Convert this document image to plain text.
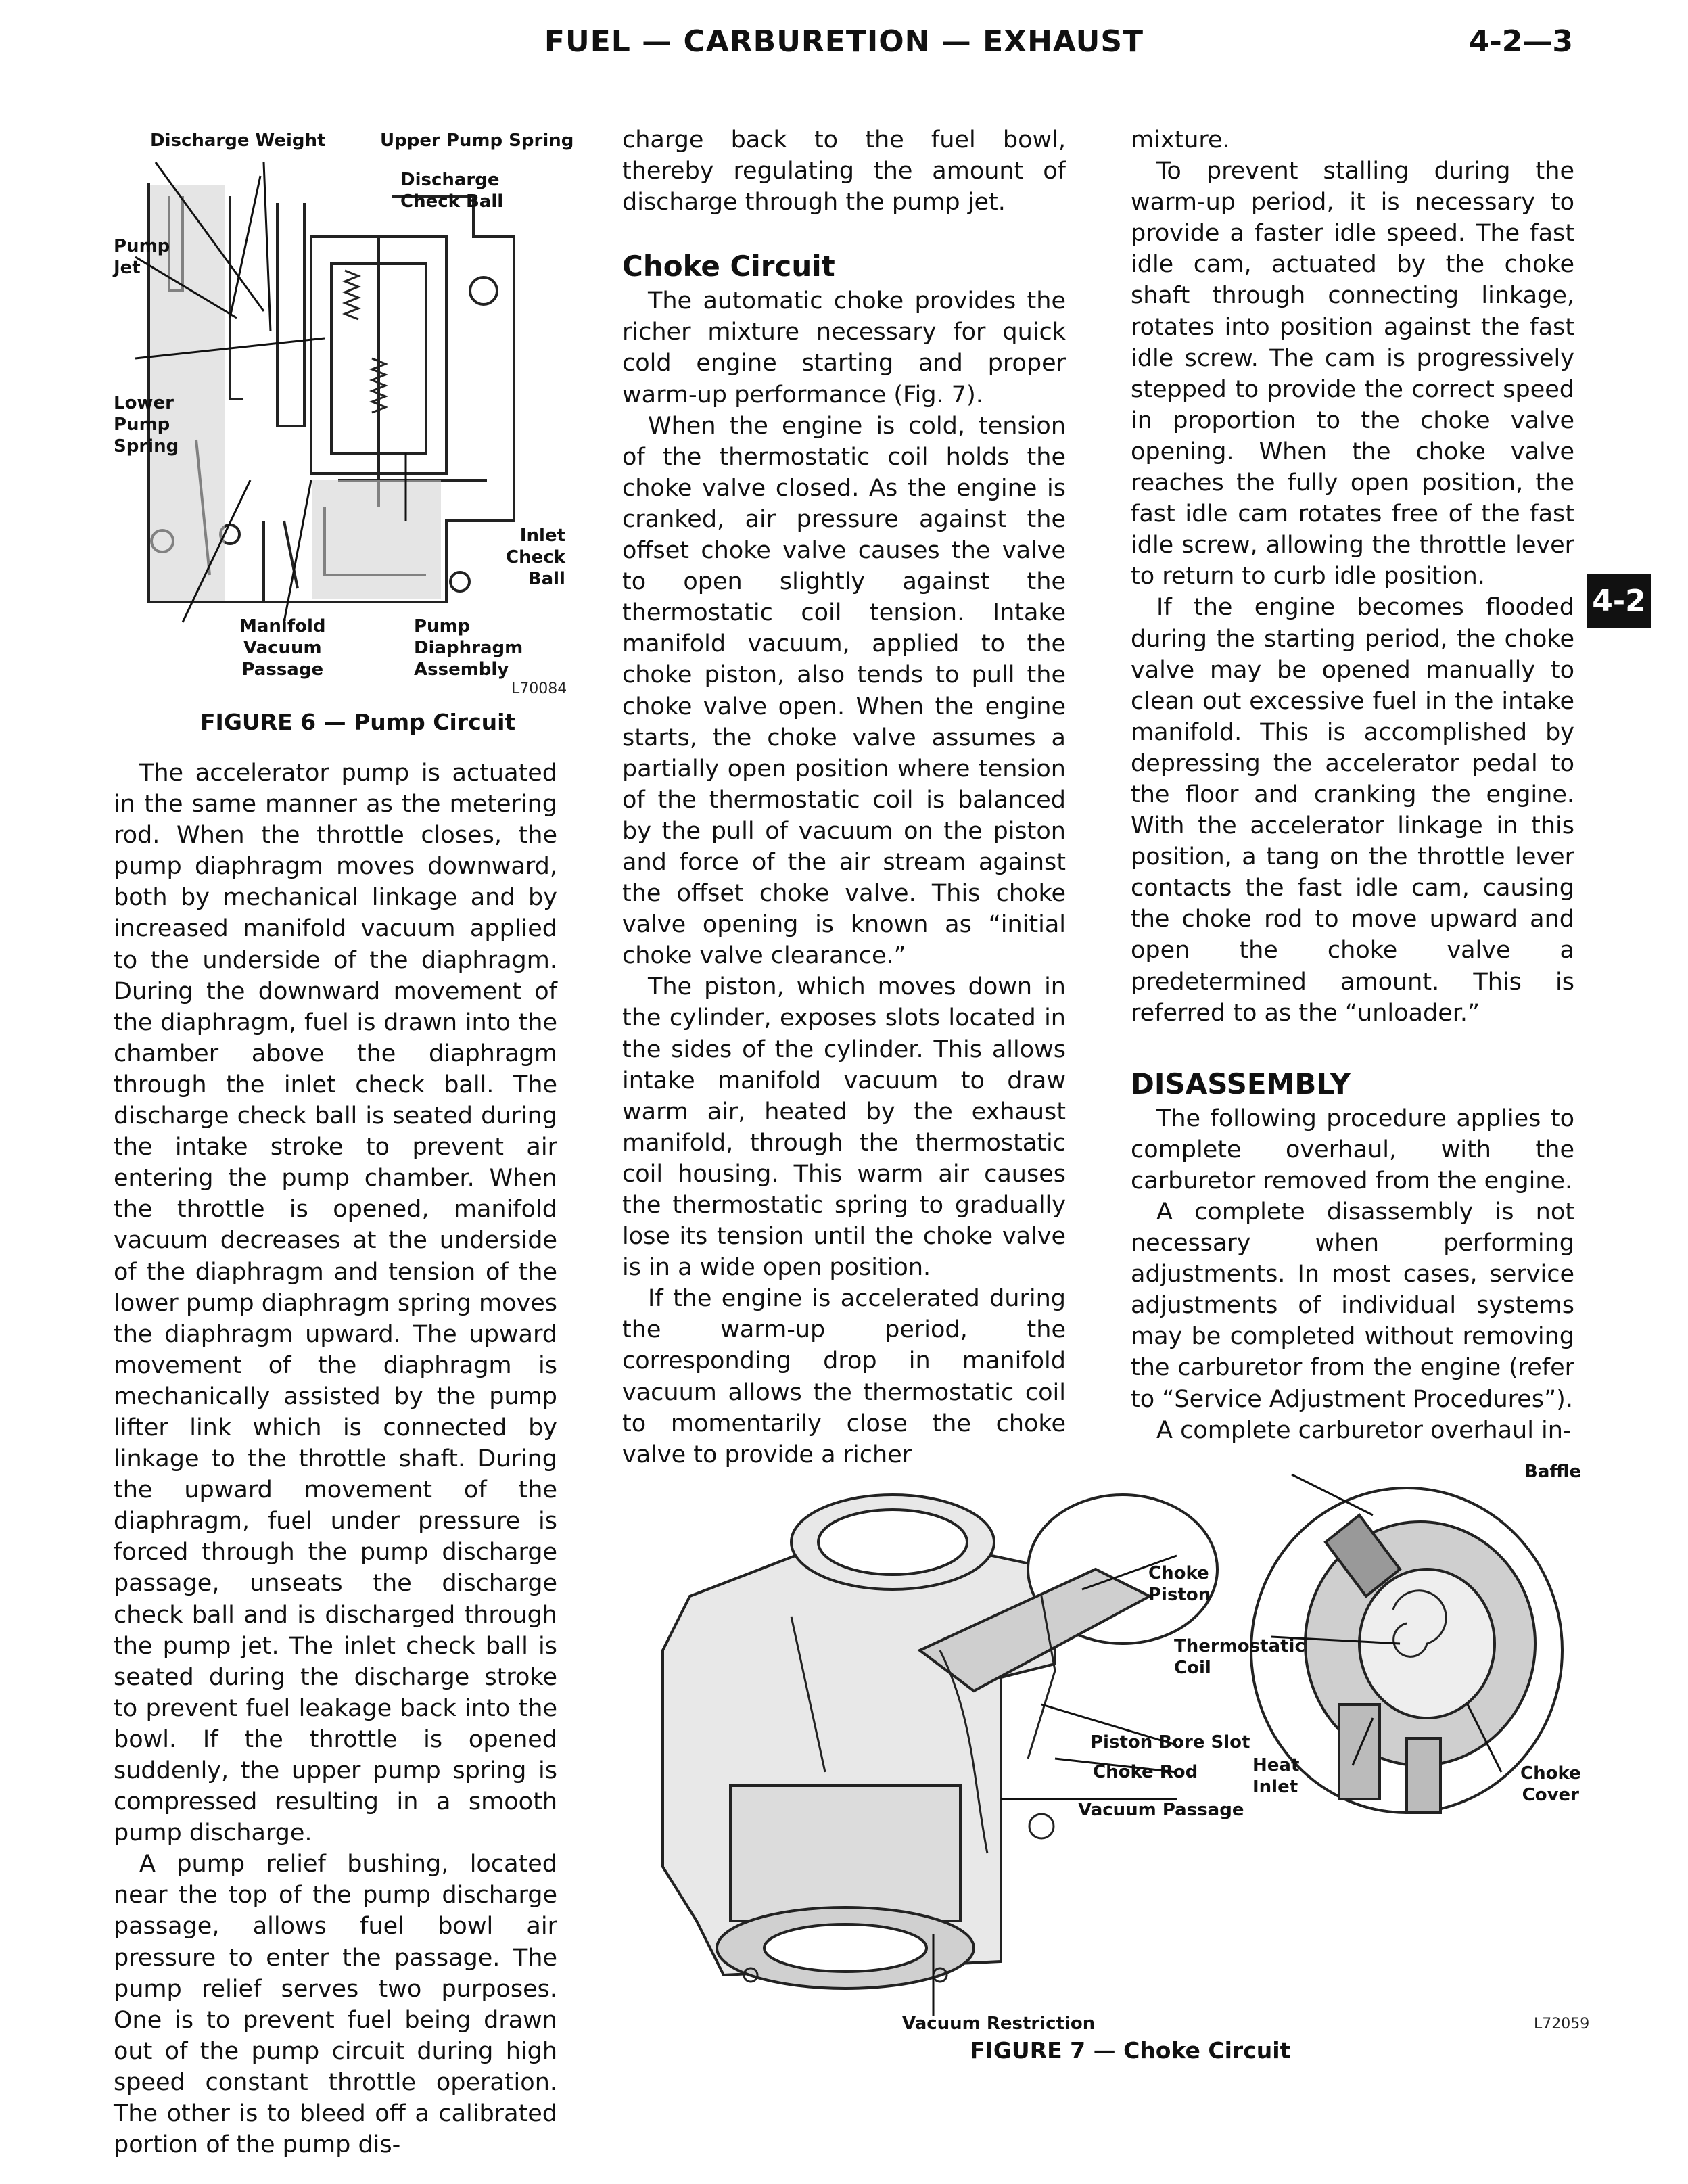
FUEL — CARBURETION — EXHAUST	4-2—3
4-2
Discharge Weight	Upper Pump Spring
Discharge
Check Ball
Pump
Jet
Lower
Pump
Spring
Inlet
Check
Ball
Manifold
Vacuum
Passage
Pump
Diaphragm
Assembly
L70084
FIGURE 6 — Pump Circuit

The accelerator pump is actuated in the same manner as the metering rod. When the throttle closes, the pump diaphragm moves downward, both by mechanical linkage and by increased manifold vacuum applied to the underside of the diaphragm. During the downward movement of the diaphragm, fuel is drawn into the chamber above the diaphragm through the inlet check ball. The discharge check ball is seated during the intake stroke to prevent air entering the pump chamber. When the throttle is opened, manifold vacuum decreases at the underside of the diaphragm and tension of the lower pump diaphragm spring moves the diaphragm upward. The upward movement of the diaphragm is mechanically assisted by the pump lifter link which is connected by linkage to the throttle shaft. During the upward movement of the diaphragm, fuel under pressure is forced through the pump discharge passage, unseats the discharge check ball and is discharged through the pump jet. The inlet check ball is seated during the discharge stroke to prevent fuel leakage back into the bowl. If the throttle is opened suddenly, the upper pump spring is compressed resulting in a smooth pump discharge.

A pump relief bushing, located near the top of the pump discharge passage, allows fuel bowl air pressure to enter the passage. The pump relief serves two purposes. One is to prevent fuel being drawn out of the pump circuit during high speed constant throttle operation. The other is to bleed off a calibrated portion of the pump dis-

charge back to the fuel bowl, thereby regulating the amount of discharge through the pump jet.

Choke Circuit

The automatic choke provides the richer mixture necessary for quick cold engine starting and proper warm-up performance (Fig. 7).

When the engine is cold, tension of the thermostatic coil holds the choke valve closed. As the engine is cranked, air pressure against the offset choke valve causes the valve to open slightly against the thermostatic coil tension. Intake manifold vacuum, applied to the choke piston, also tends to pull the choke valve open. When the engine starts, the choke valve assumes a partially open position where tension of the thermostatic coil is balanced by the pull of vacuum on the piston and force of the air stream against the offset choke valve. This choke valve opening is known as “initial choke valve clearance.”

The piston, which moves down in the cylinder, exposes slots located in the sides of the cylinder. This allows intake manifold vacuum to draw warm air, heated by the exhaust manifold, through the thermostatic coil housing. This warm air causes the thermostatic spring to gradually lose its tension until the choke valve is in a wide open position.

If the engine is accelerated during the warm-up period, the corresponding drop in manifold vacuum allows the thermostatic coil to momentarily close the choke valve to provide a richer

mixture.

To prevent stalling during the warm-up period, it is necessary to provide a faster idle speed. The fast idle cam, actuated by the choke shaft through connecting linkage, rotates into position against the fast idle screw. The cam is progressively stepped to provide the correct speed in proportion to the choke valve opening. When the choke valve reaches the fully open position, the fast idle cam rotates free of the fast idle screw, allowing the throttle lever to return to curb idle position.

If the engine becomes flooded during the starting period, the choke valve may be opened manually to clean out excessive fuel in the intake manifold. This is accomplished by depressing the accelerator pedal to the floor and cranking the engine. With the accelerator linkage in this position, a tang on the throttle lever contacts the fast idle cam, causing the choke rod to move upward and open the choke valve a predetermined amount. This is referred to as the “unloader.”

DISASSEMBLY

The following procedure applies to complete overhaul, with the carburetor removed from the engine.

A complete disassembly is not necessary when performing adjustments. In most cases, service adjustments of individual systems may be completed without removing the carburetor from the engine (refer to “Service Adjustment Procedures”).

A complete carburetor overhaul in-

Baffle
Choke
Piston
Thermostatic
Coil
Piston Bore Slot
Choke Rod
Vacuum Passage
Heat
Inlet
Choke
Cover
Vacuum Restriction	L72059
FIGURE 7 — Choke Circuit
